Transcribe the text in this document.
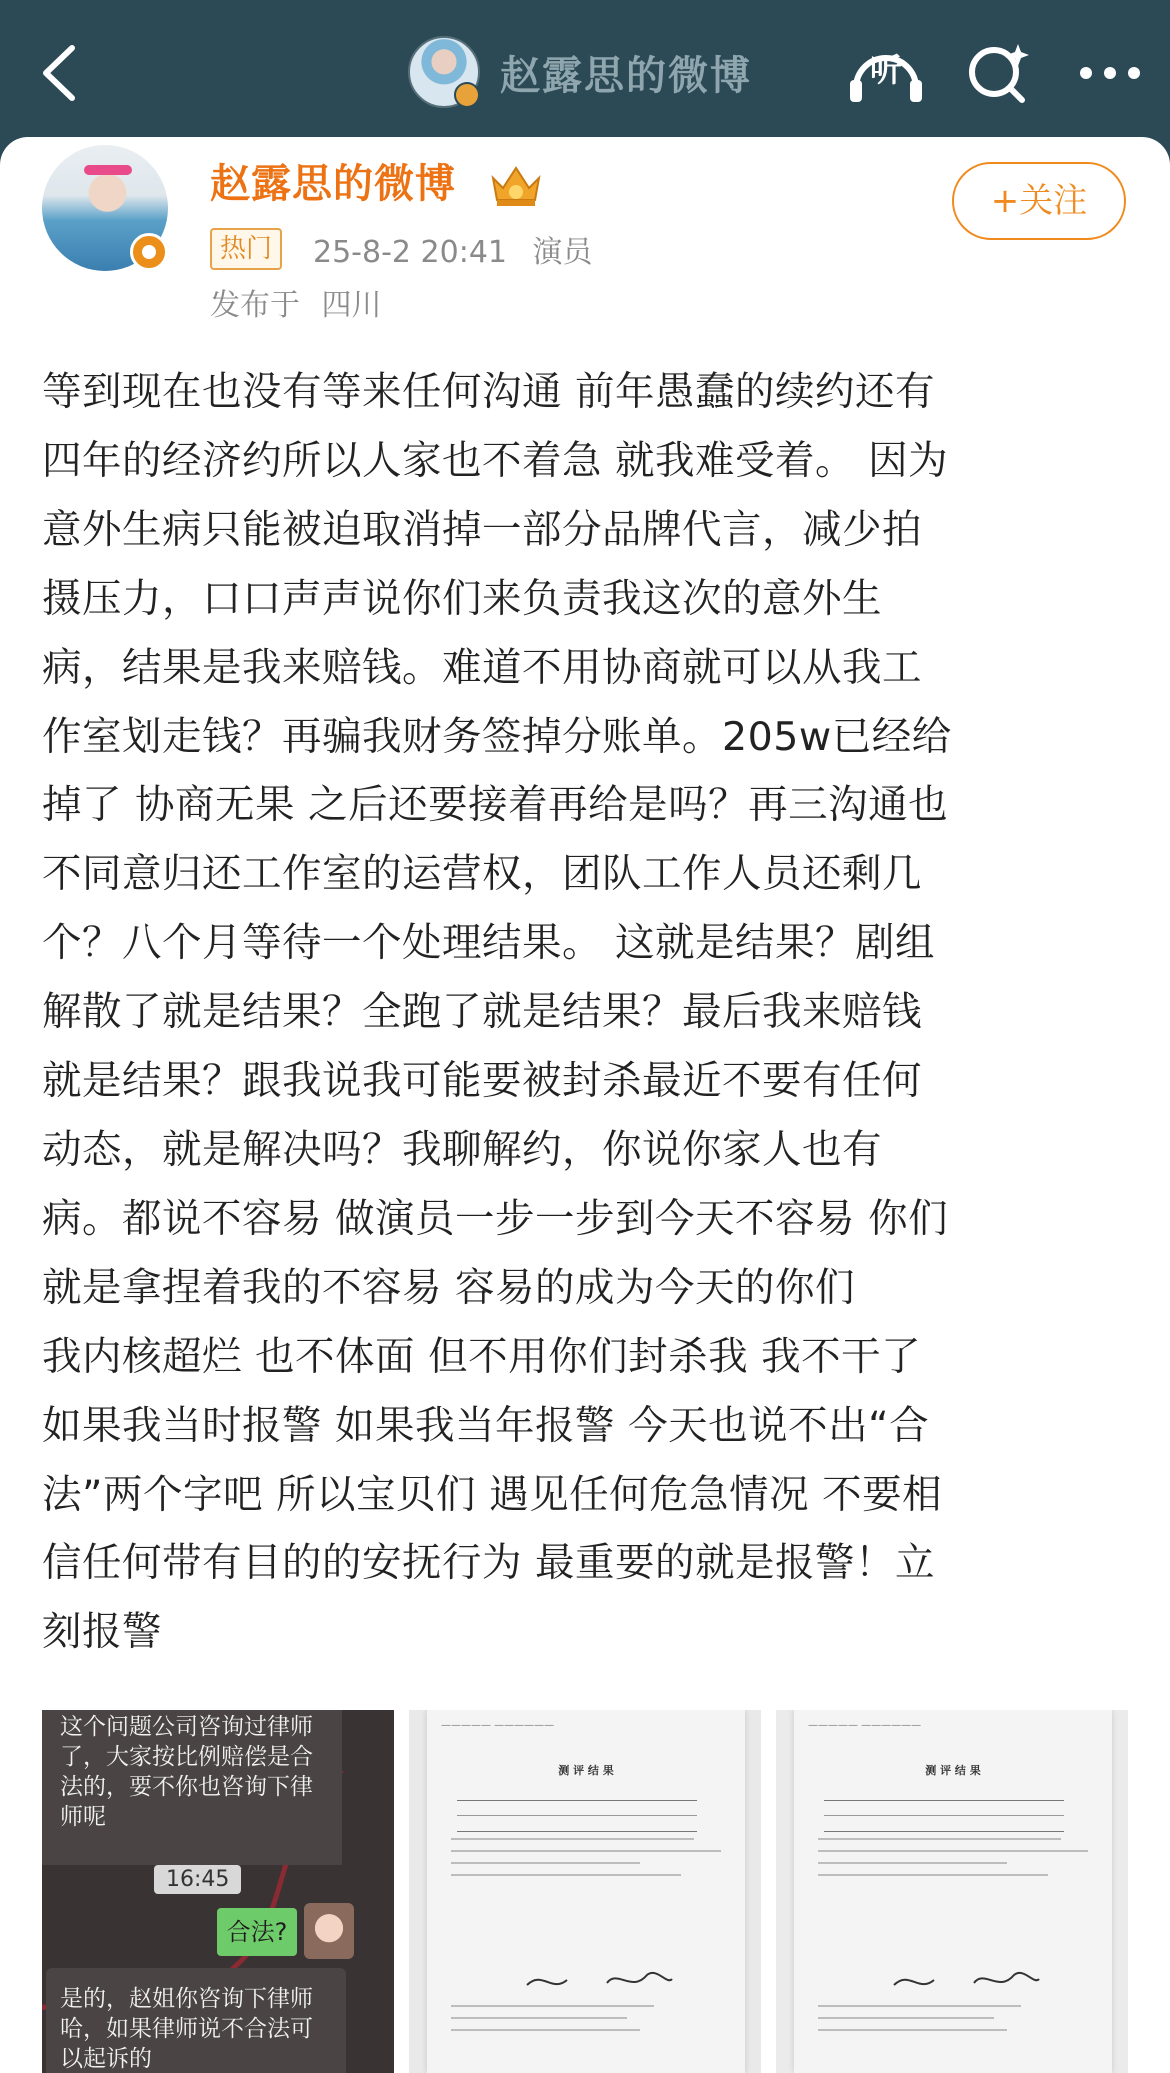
赵露思的微博	听
赵露思的微博
热门	25-8-2 20:41 演员
发布于 四川
+关注
等到现在也没有等来任何沟通 前年愚蠢的续约还有
四年的经济约所以人家也不着急 就我难受着。 因为
意外生病只能被迫取消掉一部分品牌代言，减少拍
摄压力，口口声声说你们来负责我这次的意外生
病，结果是我来赔钱。难道不用协商就可以从我工
作室划走钱？再骗我财务签掉分账单。205w已经给
掉了 协商无果 之后还要接着再给是吗？再三沟通也
不同意归还工作室的运营权，团队工作人员还剩几
个？八个月等待一个处理结果。 这就是结果？剧组
解散了就是结果？全跑了就是结果？最后我来赔钱
就是结果？跟我说我可能要被封杀最近不要有任何
动态，就是解决吗？我聊解约，你说你家人也有
病。都说不容易 做演员一步一步到今天不容易 你们
就是拿捏着我的不容易 容易的成为今天的你们
我内核超烂 也不体面 但不用你们封杀我 我不干了
如果我当时报警 如果我当年报警 今天也说不出“合
法”两个字吧 所以宝贝们 遇见任何危急情况 不要相
信任何带有目的的安抚行为 最重要的就是报警！立
刻报警
这个问题公司咨询过律师了，大家按比例赔偿是合法的，要不你也咨询下律师呢
16:45
合法?
是的，赵姐你咨询下律师哈，如果律师说不合法可以起诉的
————— ——————
测 评 结 果
————— ——————
测 评 结 果
